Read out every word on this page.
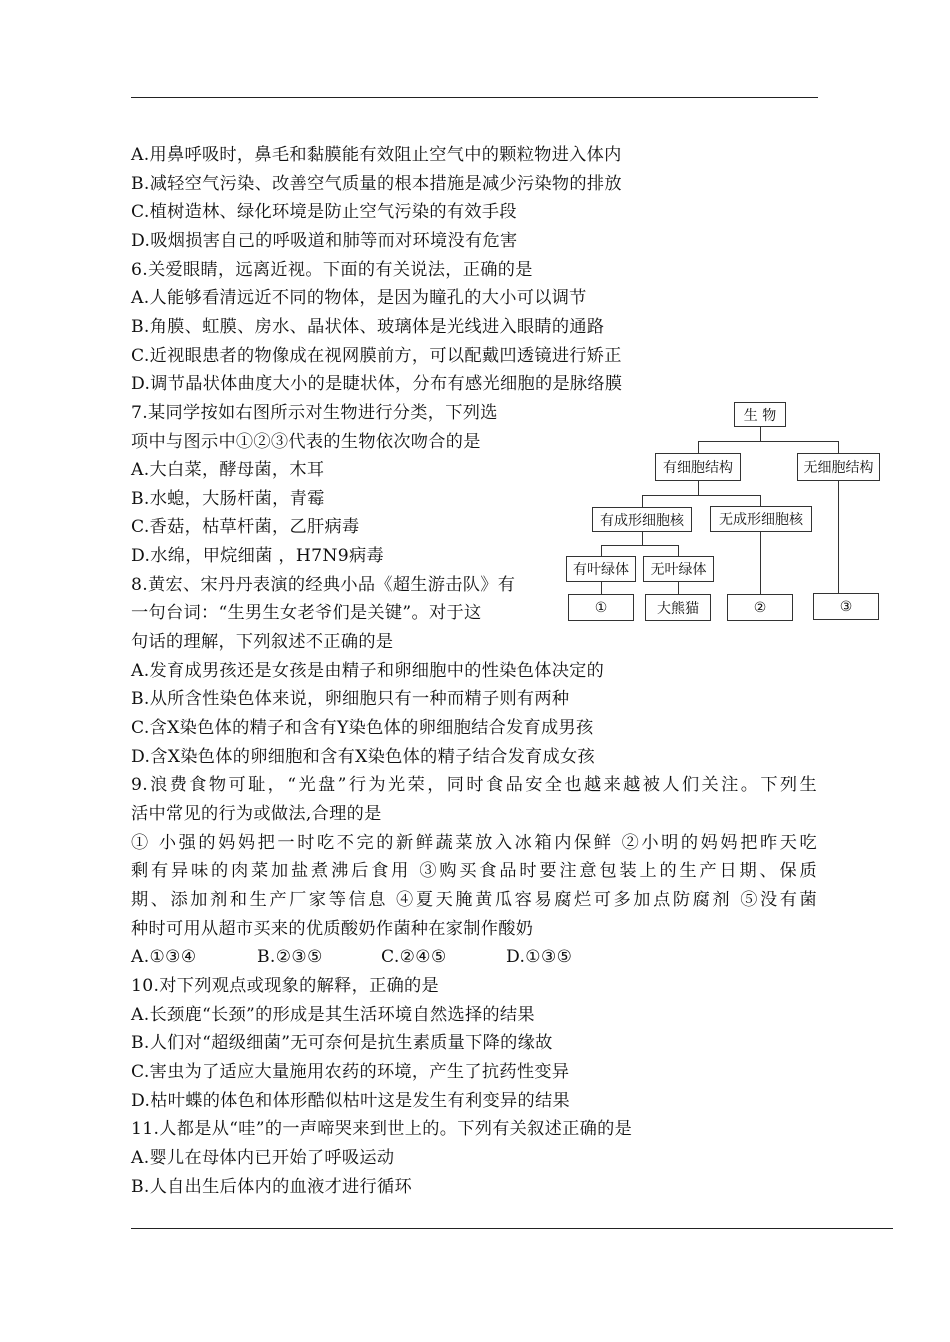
A.用鼻呼吸时，鼻毛和黏膜能有效阻止空气中的颗粒物进入体内
B.减轻空气污染、改善空气质量的根本措施是减少污染物的排放
C.植树造林、绿化环境是防止空气污染的有效手段
D.吸烟损害自己的呼吸道和肺等而对环境没有危害
6.关爱眼睛，远离近视。下面的有关说法，正确的是
A.人能够看清远近不同的物体，是因为瞳孔的大小可以调节
B.角膜、虹膜、房水、晶状体、玻璃体是光线进入眼睛的通路
C.近视眼患者的物像成在视网膜前方，可以配戴凹透镜进行矫正
D.调节晶状体曲度大小的是睫状体，分布有感光细胞的是脉络膜
7.某同学按如右图所示对生物进行分类，下列选
项中与图示中①②③代表的生物依次吻合的是
A.大白菜，酵母菌，木耳
B.水螅，大肠杆菌，青霉
C.香菇，枯草杆菌，乙肝病毒
D.水绵，甲烷细菌 ，H7N9病毒
8.黄宏、宋丹丹表演的经典小品《超生游击队》有
一句台词：“生男生女老爷们是关键”。对于这
句话的理解，下列叙述不正确的是
A.发育成男孩还是女孩是由精子和卵细胞中的性染色体决定的
B.从所含性染色体来说，卵细胞只有一种而精子则有两种
C.含X染色体的精子和含有Y染色体的卵细胞结合发育成男孩
D.含X染色体的卵细胞和含有X染色体的精子结合发育成女孩
9.浪费食物可耻，“光盘”行为光荣，同时食品安全也越来越被人们关注。下列生
活中常见的行为或做法,合理的是
① 小强的妈妈把一时吃不完的新鲜蔬菜放入冰箱内保鲜 ②小明的妈妈把昨天吃
剩有异味的肉菜加盐煮沸后食用 ③购买食品时要注意包装上的生产日期、保质
期、添加剂和生产厂家等信息 ④夏天腌黄瓜容易腐烂可多加点防腐剂 ⑤没有菌
种时可用从超市买来的优质酸奶作菌种在家制作酸奶
A.①③④	B.②③⑤	C.②④⑤	D.①③⑤
10.对下列观点或现象的解释，正确的是
A.长颈鹿“长颈”的形成是其生活环境自然选择的结果
B.人们对“超级细菌”无可奈何是抗生素质量下降的缘故
C.害虫为了适应大量施用农药的环境，产生了抗药性变异
D.枯叶蝶的体色和体形酷似枯叶这是发生有利变异的结果
11.人都是从“哇”的一声啼哭来到世上的。下列有关叙述正确的是
A.婴儿在母体内已开始了呼吸运动
B.人自出生后体内的血液才进行循环
生 物
有细胞结构	无细胞结构
有成形细胞核	无成形细胞核
有叶绿体	无叶绿体
①	大熊猫	②	③
